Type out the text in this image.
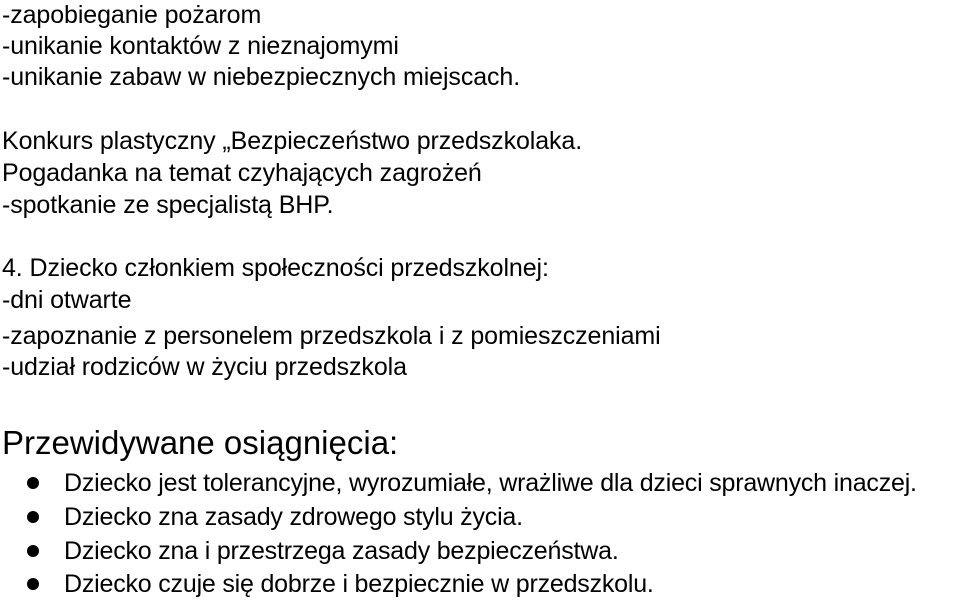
-zapobieganie pożarom
-unikanie kontaktów z nieznajomymi
-unikanie zabaw w niebezpiecznych miejscach.
Konkurs plastyczny „Bezpieczeństwo przedszkolaka.
Pogadanka na temat czyhających zagrożeń
-spotkanie ze specjalistą BHP.
4. Dziecko członkiem społeczności przedszkolnej:
-dni otwarte
-zapoznanie z personelem przedszkola i z pomieszczeniami
-udział rodziców w życiu przedszkola
Przewidywane osiągnięcia:
Dziecko jest tolerancyjne, wyrozumiałe, wrażliwe dla dzieci sprawnych inaczej.
Dziecko zna zasady zdrowego stylu życia.
Dziecko zna i przestrzega zasady bezpieczeństwa.
Dziecko czuje się dobrze i bezpiecznie w przedszkolu.
